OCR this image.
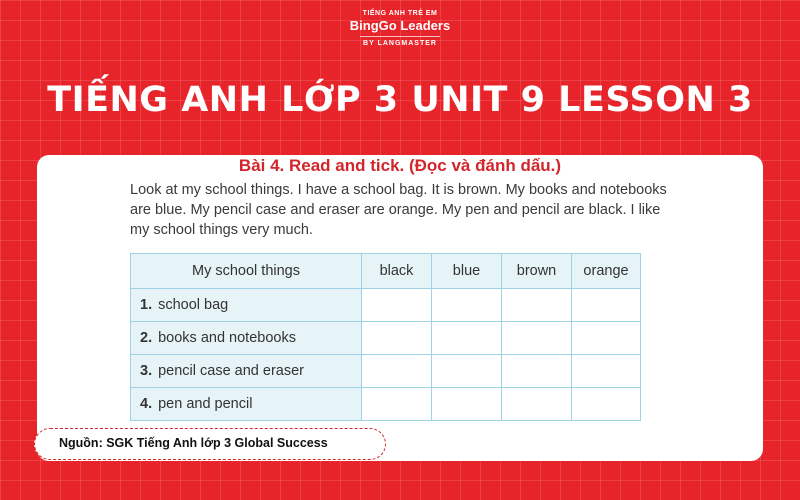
TIẾNG ANH TRẺ EM
BingGo Leaders
BY LANGMASTER
TIẾNG ANH LỚP 3 UNIT 9 LESSON 3
Bài 4. Read and tick. (Đọc và đánh dấu.)
Look at my school things. I have a school bag. It is brown. My books and notebooks are blue. My pencil case and eraser are orange. My pen and pencil are black. I like my school things very much.
My school things	black	blue	brown	orange
1. school bag				
2. books and notebooks				
3. pencil case and eraser				
4. pen and pencil				
Nguồn: SGK Tiếng Anh lớp 3 Global Success
